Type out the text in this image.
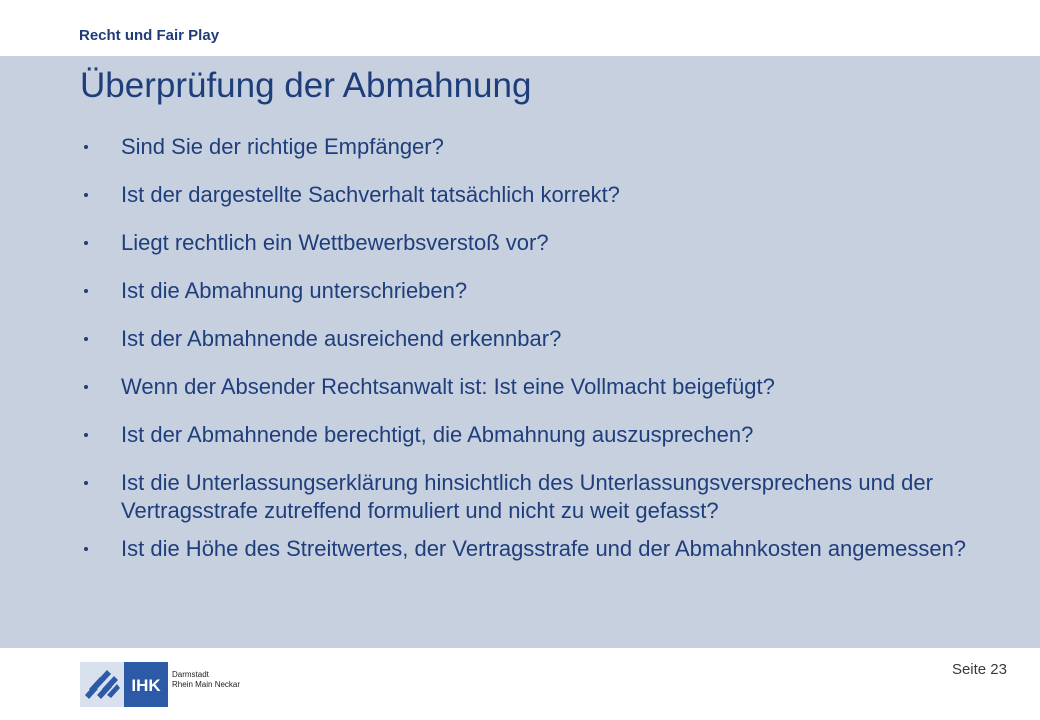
Recht und Fair Play
Überprüfung der Abmahnung
Sind Sie der richtige Empfänger?
Ist der dargestellte Sachverhalt tatsächlich korrekt?
Liegt rechtlich ein Wettbewerbsverstoß vor?
Ist die Abmahnung unterschrieben?
Ist der Abmahnende ausreichend erkennbar?
Wenn der Absender Rechtsanwalt ist: Ist eine Vollmacht beigefügt?
Ist der Abmahnende berechtigt, die Abmahnung auszusprechen?
Ist die Unterlassungserklärung hinsichtlich des Unterlassungsversprechens und der Vertragsstrafe zutreffend formuliert und nicht zu weit gefasst?
Ist die Höhe des Streitwertes, der Vertragsstrafe und der Abmahnkosten angemessen?
IHK
Darmstadt
Rhein Main Neckar
Seite 23
